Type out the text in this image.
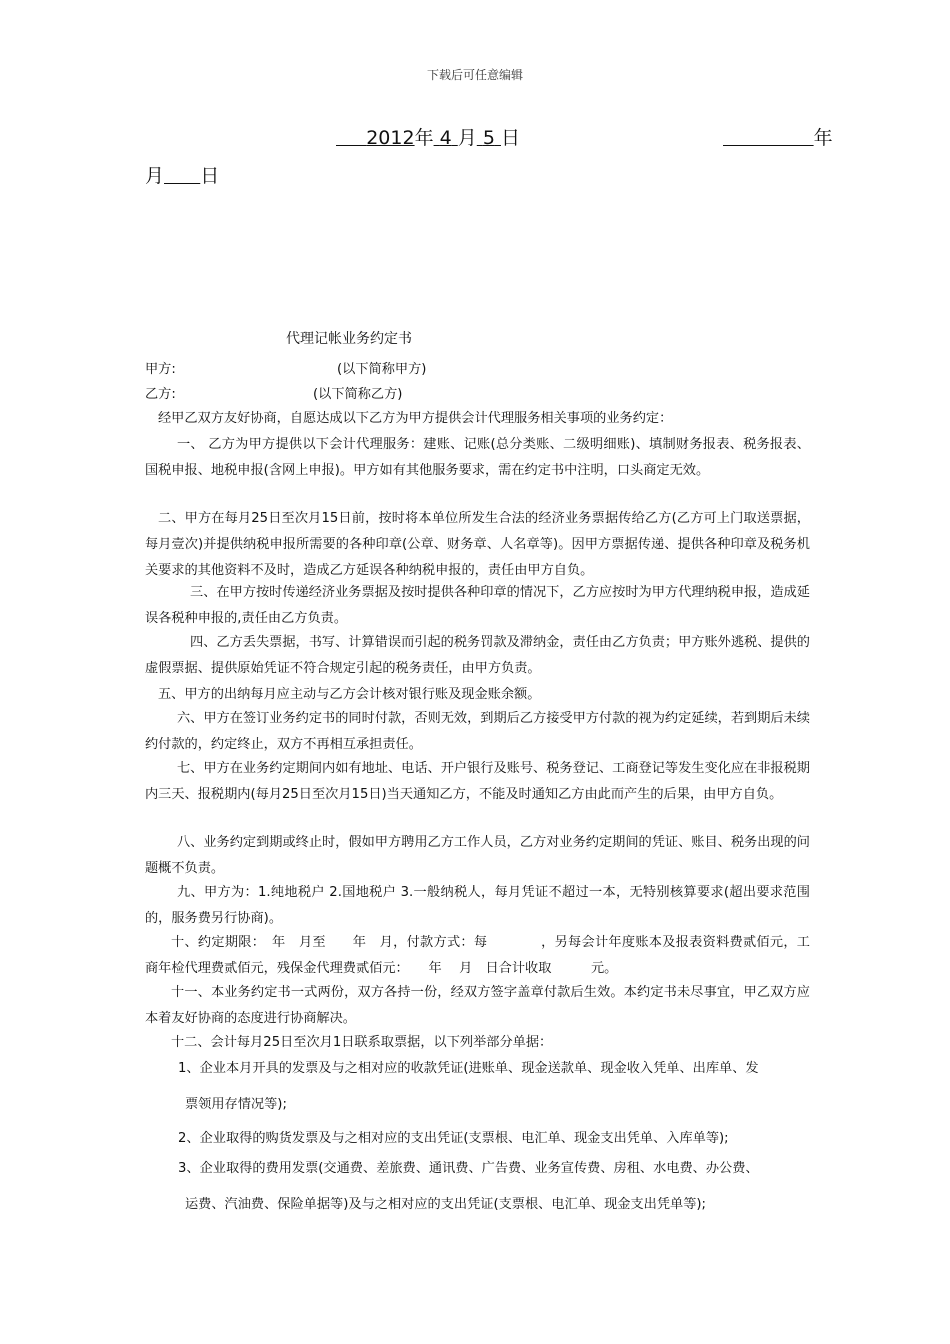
下载后可任意编辑
2012年 4 月 5 日	年
月 日
代理记帐业务约定书
甲方:	(以下简称甲方)
乙方:	(以下简称乙方)
经甲乙双方友好协商，自愿达成以下乙方为甲方提供会计代理服务相关事项的业务约定：
一、 乙方为甲方提供以下会计代理服务：建账、记账(总分类账、二级明细账)、填制财务报表、税务报表、国税申报、地税申报(含网上申报)。甲方如有其他服务要求，需在约定书中注明，口头商定无效。
二、甲方在每月25日至次月15日前，按时将本单位所发生合法的经济业务票据传给乙方(乙方可上门取送票据，每月壹次)并提供纳税申报所需要的各种印章(公章、财务章、人名章等)。因甲方票据传递、提供各种印章及税务机关要求的其他资料不及时，造成乙方延误各种纳税申报的，责任由甲方自负。
三、在甲方按时传递经济业务票据及按时提供各种印章的情况下，乙方应按时为甲方代理纳税申报，造成延误各税种申报的,责任由乙方负责。
四、乙方丢失票据，书写、计算错误而引起的税务罚款及滞纳金，责任由乙方负责；甲方账外逃税、提供的虚假票据、提供原始凭证不符合规定引起的税务责任，由甲方负责。
五、甲方的出纳每月应主动与乙方会计核对银行账及现金账余额。
六、甲方在签订业务约定书的同时付款，否则无效，到期后乙方接受甲方付款的视为约定延续，若到期后未续约付款的，约定终止，双方不再相互承担责任。
七、甲方在业务约定期间内如有地址、电话、开户银行及账号、税务登记、工商登记等发生变化应在非报税期内三天、报税期内(每月25日至次月15日)当天通知乙方，不能及时通知乙方由此而产生的后果，由甲方自负。
八、业务约定到期或终止时，假如甲方聘用乙方工作人员，乙方对业务约定期间的凭证、账目、税务出现的问题概不负责。
九、甲方为：1.纯地税户 2.国地税户 3.一般纳税人，每月凭证不超过一本，无特别核算要求(超出要求范围的，服务费另行协商)。
十、约定期限：　年　月至　　年　月，付款方式：每　　　　，另每会计年度账本及报表资料费贰佰元，工商年检代理费贰佰元，残保金代理费贰佰元：　　年　 月　日合计收取　　　元。
十一、本业务约定书一式两份，双方各持一份，经双方签字盖章付款后生效。本约定书未尽事宜，甲乙双方应本着友好协商的态度进行协商解决。
十二、会计每月25日至次月1日联系取票据，以下列举部分单据：
1、企业本月开具的发票及与之相对应的收款凭证(进账单、现金送款单、现金收入凭单、出库单、发
票领用存情况等);
2、企业取得的购货发票及与之相对应的支出凭证(支票根、电汇单、现金支出凭单、入库单等);
3、企业取得的费用发票(交通费、差旅费、通讯费、广告费、业务宣传费、房租、水电费、办公费、
运费、汽油费、保险单据等)及与之相对应的支出凭证(支票根、电汇单、现金支出凭单等);
